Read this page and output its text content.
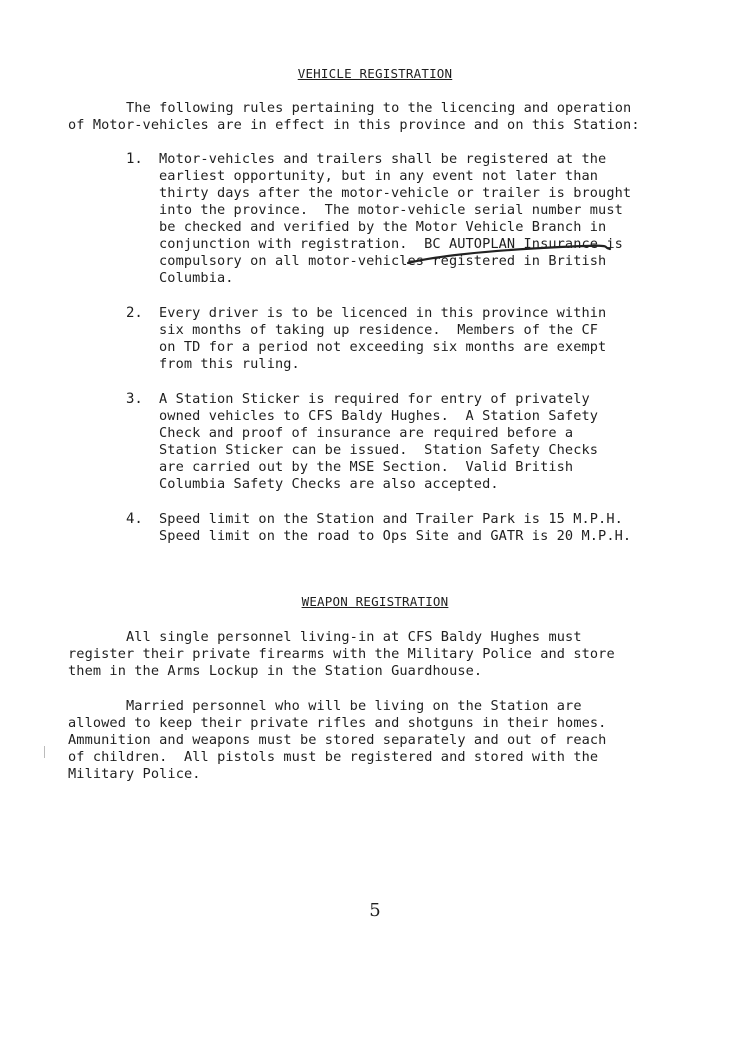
VEHICLE REGISTRATION
The following rules pertaining to the licencing and operation
of Motor-vehicles are in effect in this province and on this Station:
1. Motor-vehicles and trailers shall be registered at the
earliest opportunity, but in any event not later than
thirty days after the motor-vehicle or trailer is brought
into the province.  The motor-vehicle serial number must
be checked and verified by the Motor Vehicle Branch in
conjunction with registration.  BC AUTOPLAN Insurance is
compulsory on all motor-vehicles registered in British
Columbia.
2. Every driver is to be licenced in this province within
six months of taking up residence.  Members of the CF
on TD for a period not exceeding six months are exempt
from this ruling.
3. A Station Sticker is required for entry of privately
owned vehicles to CFS Baldy Hughes.  A Station Safety
Check and proof of insurance are required before a
Station Sticker can be issued.  Station Safety Checks
are carried out by the MSE Section.  Valid British
Columbia Safety Checks are also accepted.
4. Speed limit on the Station and Trailer Park is 15 M.P.H.
Speed limit on the road to Ops Site and GATR is 20 M.P.H.
WEAPON REGISTRATION
All single personnel living-in at CFS Baldy Hughes must
register their private firearms with the Military Police and store
them in the Arms Lockup in the Station Guardhouse.
Married personnel who will be living on the Station are
allowed to keep their private rifles and shotguns in their homes.
Ammunition and weapons must be stored separately and out of reach
of children.  All pistols must be registered and stored with the
Military Police.
5
